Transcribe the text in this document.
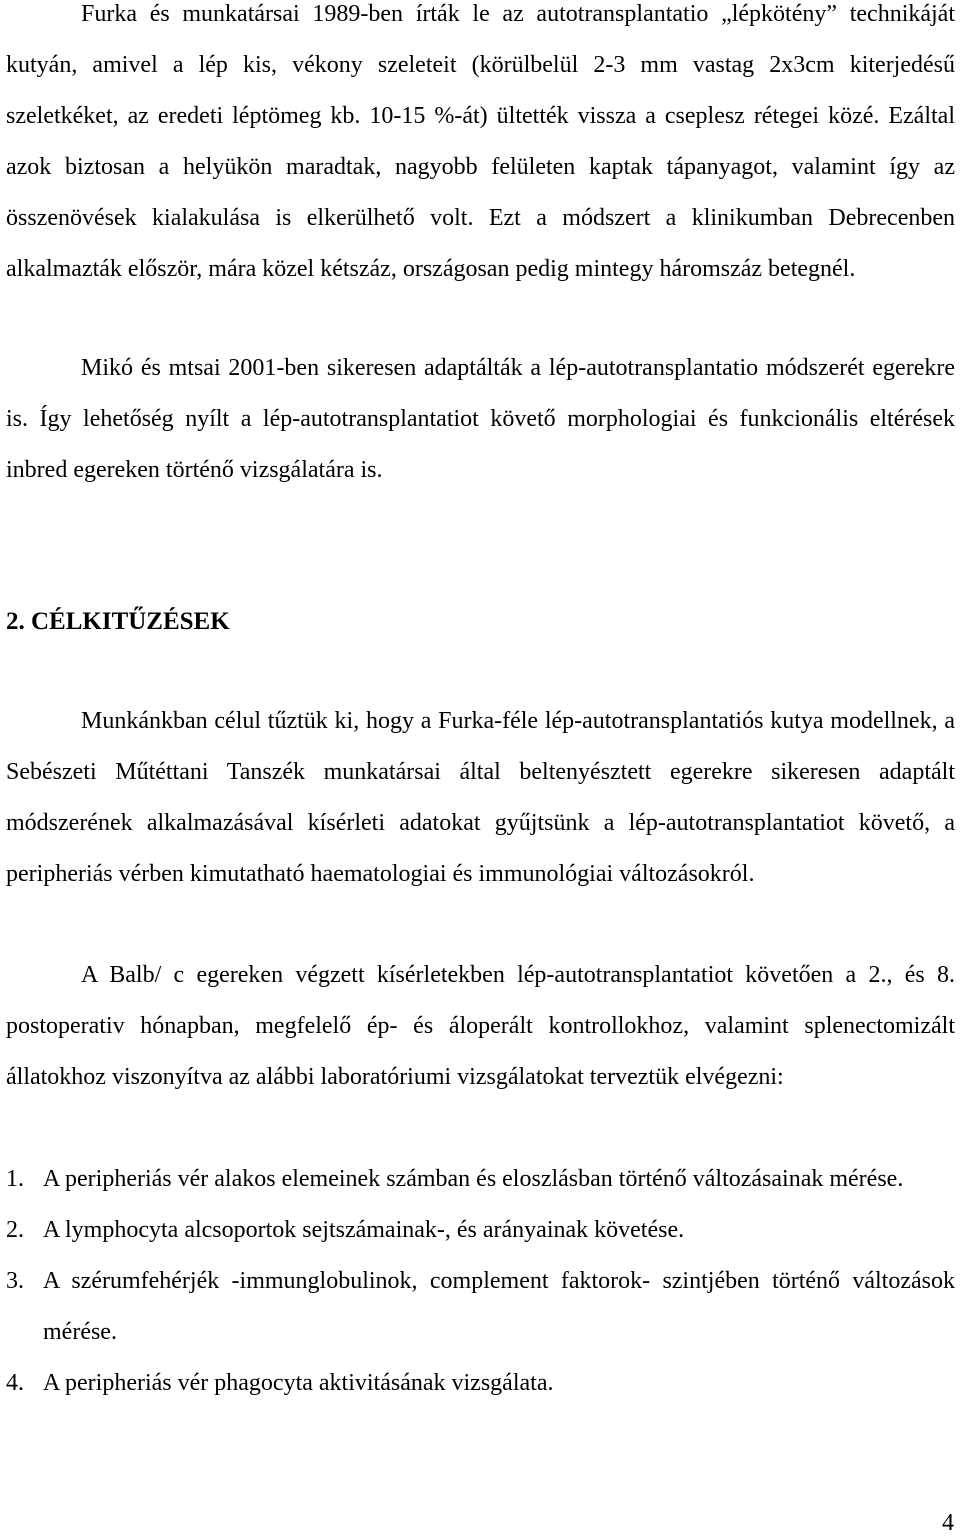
Furka és munkatársai 1989-ben írták le az autotransplantatio „lépkötény” technikáját kutyán, amivel a lép kis, vékony szeleteit (körülbelül 2-3 mm vastag 2x3cm kiterjedésű szeletkéket, az eredeti léptömeg kb. 10-15 %-át) ültették vissza a cseplesz rétegei közé. Ezáltal azok biztosan a helyükön maradtak, nagyobb felületen kaptak tápanyagot, valamint így az összenövések kialakulása is elkerülhető volt. Ezt a módszert a klinikumban Debrecenben alkalmazták először, mára közel kétszáz, országosan pedig mintegy háromszáz betegnél.

Mikó és mtsai 2001-ben sikeresen adaptálták a lép-autotransplantatio módszerét egerekre is. Így lehetőség nyílt a lép-autotransplantatiot követő morphologiai és funkcionális eltérések inbred egereken történő vizsgálatára is.

2. CÉLKITŰZÉSEK

Munkánkban célul tűztük ki, hogy a Furka-féle lép-autotransplantatiós kutya modellnek, a Sebészeti Műtéttani Tanszék munkatársai által beltenyésztett egerekre sikeresen adaptált módszerének alkalmazásával kísérleti adatokat gyűjtsünk a lép-autotransplantatiot követő, a peripheriás vérben kimutatható haematologiai és immunológiai változásokról.

A Balb/ c egereken végzett kísérletekben lép-autotransplantatiot követően a 2., és 8. postoperativ hónapban, megfelelő ép- és áloperált kontrollokhoz, valamint splenectomizált állatokhoz viszonyítva az alábbi laboratóriumi vizsgálatokat terveztük elvégezni:

1. A peripheriás vér alakos elemeinek számban és eloszlásban történő változásainak mérése.
2. A lymphocyta alcsoportok sejtszámainak-, és arányainak követése.
3. A szérumfehérjék -immunglobulinok, complement faktorok- szintjében történő változások mérése.
4. A peripheriás vér phagocyta aktivitásának vizsgálata.
4
